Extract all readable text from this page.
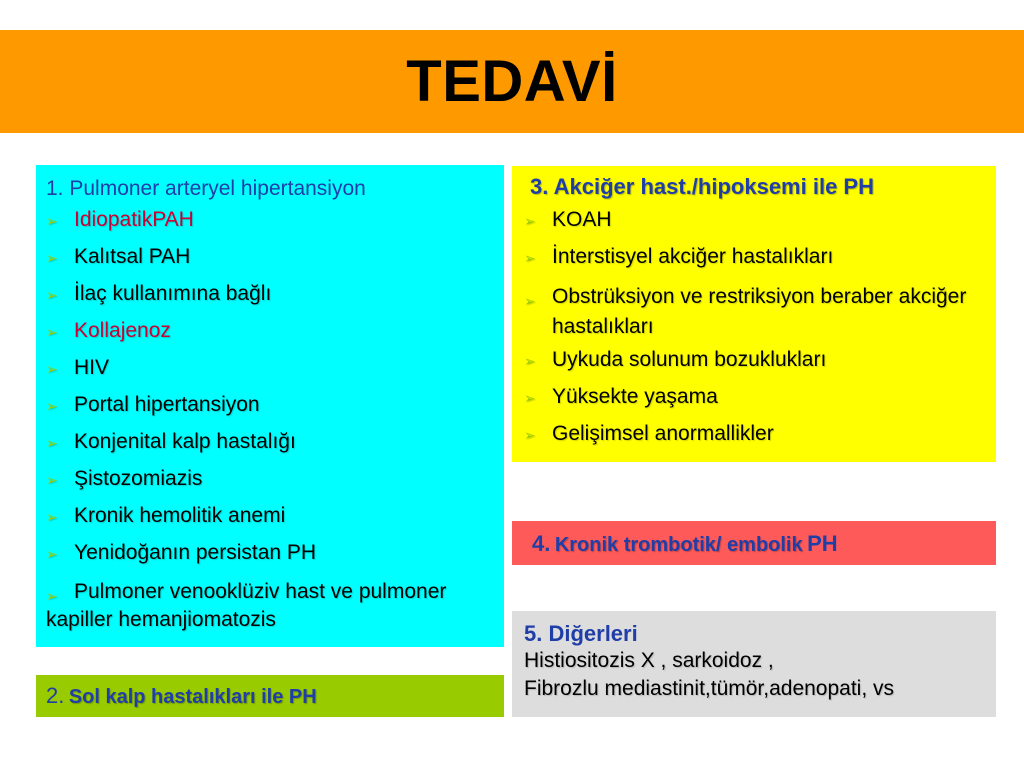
TEDAVİ
1. Pulmoner arteryel hipertansiyon
➢ IdiopatikPAH
➢ Kalıtsal PAH
➢ İlaç kullanımına bağlı
➢ Kollajenoz
➢ HIV
➢ Portal hipertansiyon
➢ Konjenital kalp hastalığı
➢ Şistozomiazis
➢ Kronik hemolitik anemi
➢ Yenidoğanın persistan PH
➢ Pulmoner venooklüziv hast ve pulmoner kapiller hemanjiomatozis
2. Sol kalp hastalıkları ile PH
3. Akciğer hast./hipoksemi ile PH
➢ KOAH
➢ İnterstisyel akciğer hastalıkları
➢ Obstrüksiyon ve restriksiyon beraber akciğer hastalıkları
➢ Uykuda solunum bozuklukları
➢ Yüksekte yaşama
➢ Gelişimsel anormallikler
4. Kronik trombotik/ embolik PH
5. Diğerleri
Histiositozis X , sarkoidoz ,
Fibrozlu mediastinit,tümör,adenopati, vs
